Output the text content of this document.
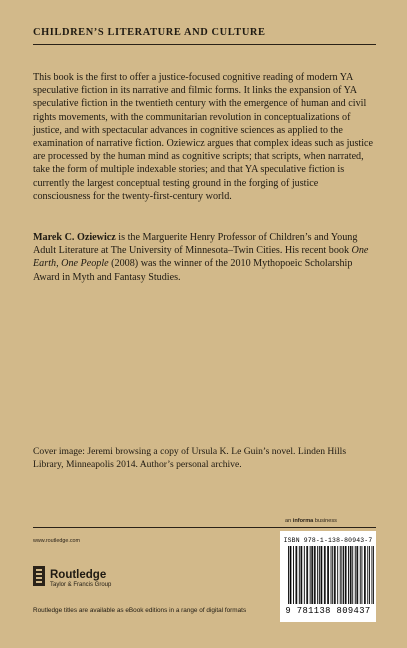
CHILDREN’S LITERATURE AND CULTURE

This book is the first to offer a justice-focused cognitive reading of modern YA speculative fiction in its narrative and filmic forms. It links the expansion of YA speculative fiction in the twentieth century with the emergence of human and civil rights movements, with the communitarian revolution in conceptualizations of justice, and with spectacular advances in cognitive sciences as applied to the examination of narrative fiction. Oziewicz argues that complex ideas such as justice are processed by the human mind as cognitive scripts; that scripts, when narrated, take the form of multiple indexable stories; and that YA speculative fiction is currently the largest conceptual testing ground in the forging of justice consciousness for the twenty-first-century world.

Marek C. Oziewicz is the Marguerite Henry Professor of Children’s and Young Adult Literature at The University of Minnesota–Twin Cities. His recent book One Earth, One People (2008) was the winner of the 2010 Mythopoeic Scholarship Award in Myth and Fantasy Studies.

Cover image: Jeremi browsing a copy of Ursula K. Le Guin’s novel. Linden Hills Library, Minneapolis 2014. Author’s personal archive.

an informa business
ISBN 978-1-138-80943-7
9 781138 809437
www.routledge.com
Routledge
Taylor & Francis Group
Routledge titles are available as eBook editions in a range of digital formats
